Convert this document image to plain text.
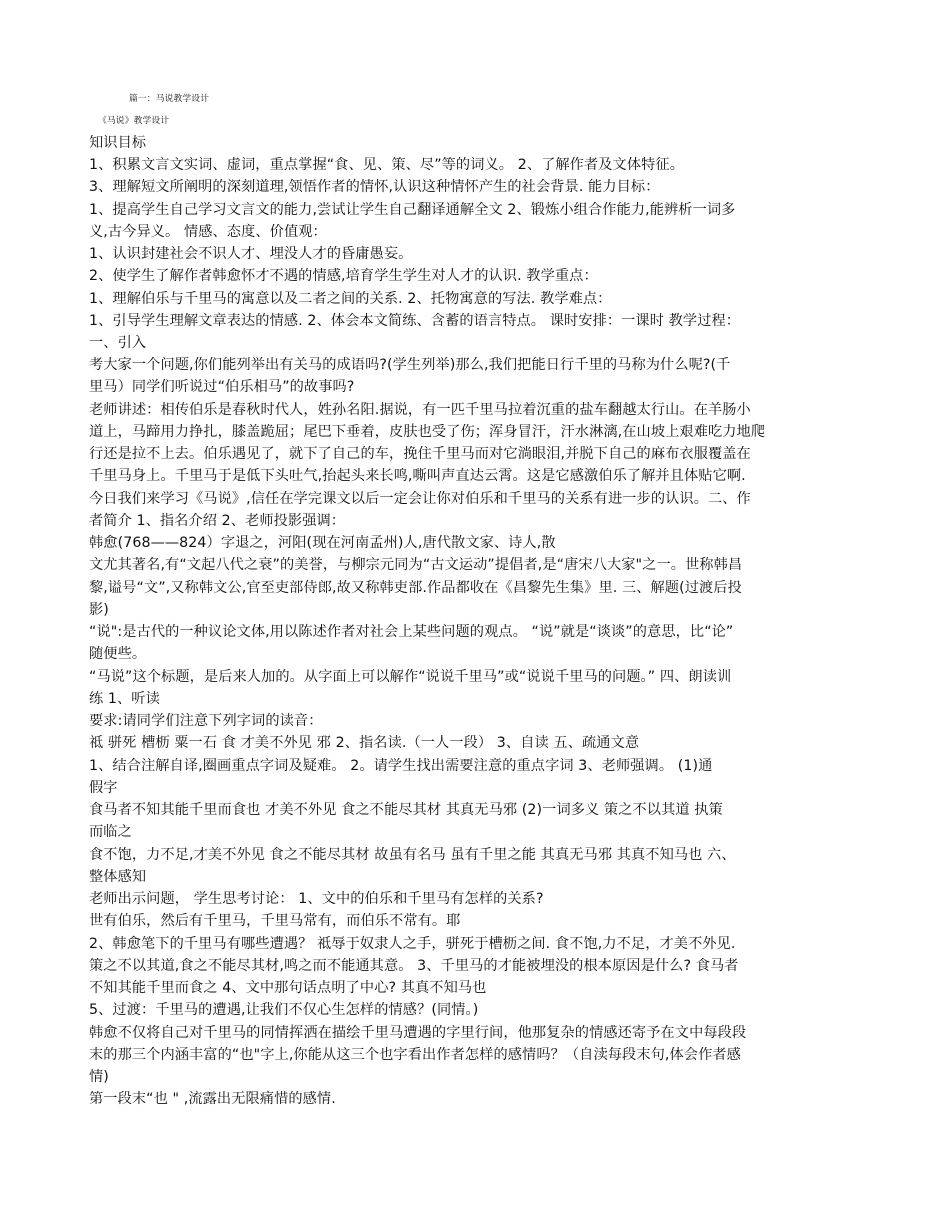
篇一：马说教学设计
《马说》教学设计
知识目标
1、积累文言文实词、虚词，重点掌握“食、见、策、尽”等的词义。 2、了解作者及文体特征。
3、理解短文所阐明的深刻道理,领悟作者的情怀,认识这种情怀产生的社会背景. 能力目标：
1、提高学生自己学习文言文的能力,尝试让学生自己翻译通解全文 2、锻炼小组合作能力,能辨析一词多
义,古今异义。 情感、态度、价值观：
1、认识封建社会不识人才、埋没人才的昏庸愚妄。
2、使学生了解作者韩愈怀才不遇的情感,培育学生学生对人才的认识. 教学重点：
1、理解伯乐与千里马的寓意以及二者之间的关系. 2、托物寓意的写法. 教学难点：
1、引导学生理解文章表达的情感. 2、体会本文简练、含蓄的语言特点。 课时安排：一课时 教学过程：
一、引入
考大家一个问题,你们能列举出有关马的成语吗?(学生列举)那么,我们把能日行千里的马称为什么呢?(千
里马）同学们听说过“伯乐相马”的故事吗?
老师讲述：相传伯乐是春秋时代人，姓孙名阳.据说，有一匹千里马拉着沉重的盐车翻越太行山。在羊肠小
道上，马蹄用力挣扎，膝盖跪屈；尾巴下垂着，皮肤也受了伤；浑身冒汗，汗水淋漓,在山坡上艰难吃力地爬
行还是拉不上去。伯乐遇见了，就下了自己的车，挽住千里马而对它淌眼泪,并脱下自己的麻布衣服覆盖在
千里马身上。千里马于是低下头吐气,抬起头来长鸣,嘶叫声直达云霄。这是它感激伯乐了解并且体贴它啊.
今日我们来学习《马说》,信任在学完课文以后一定会让你对伯乐和千里马的关系有进一步的认识。二、作
者简介 1、指名介绍 2、老师投影强调：
韩愈(768——824）字退之，河阳(现在河南孟州)人,唐代散文家、诗人,散
文尤其著名,有“文起八代之衰”的美誉，与柳宗元同为“古文运动”提倡者,是“唐宋八大家"之一。世称韩昌
黎,谥号“文”,又称韩文公,官至吏部侍郎,故又称韩吏部.作品都收在《昌黎先生集》里. 三、解题(过渡后投
影)
“说":是古代的一种议论文体,用以陈述作者对社会上某些问题的观点。 “说”就是“谈谈”的意思，比“论”
随便些。
“马说”这个标题，是后来人加的。从字面上可以解作“说说千里马”或“说说千里马的问题。” 四、朗读训
练 1、听读
要求:请同学们注意下列字词的读音：
祗 骈死 槽枥 粟一石 食 才美不外见 邪 2、指名读.（一人一段） 3、自读 五、疏通文意
1、结合注解自译,圈画重点字词及疑难。 2。请学生找出需要注意的重点字词 3、老师强调。 (1)通
假字
食马者不知其能千里而食也 才美不外见 食之不能尽其材 其真无马邪 (2)一词多义 策之不以其道 执策
而临之
食不饱，力不足,才美不外见 食之不能尽其材 故虽有名马 虽有千里之能 其真无马邪 其真不知马也 六、
整体感知
老师出示问题， 学生思考讨论： 1、文中的伯乐和千里马有怎样的关系?
世有伯乐，然后有千里马，千里马常有，而伯乐不常有。耶
2、韩愈笔下的千里马有哪些遭遇？ 祗辱于奴隶人之手，骈死于槽枥之间. 食不饱,力不足，才美不外见.
策之不以其道,食之不能尽其材,鸣之而不能通其意。 3、千里马的才能被埋没的根本原因是什么? 食马者
不知其能千里而食之 4、文中那句话点明了中心? 其真不知马也
5、过渡：千里马的遭遇,让我们不仅心生怎样的情感？(同情。)
韩愈不仅将自己对千里马的同情挥洒在描绘千里马遭遇的字里行间，他那复杂的情感还寄予在文中每段段
末的那三个内涵丰富的“也"字上,你能从这三个也字看出作者怎样的感情吗？（自渎每段末句,体会作者感
情)
第一段末“也 " ,流露出无限痛惜的感情.
